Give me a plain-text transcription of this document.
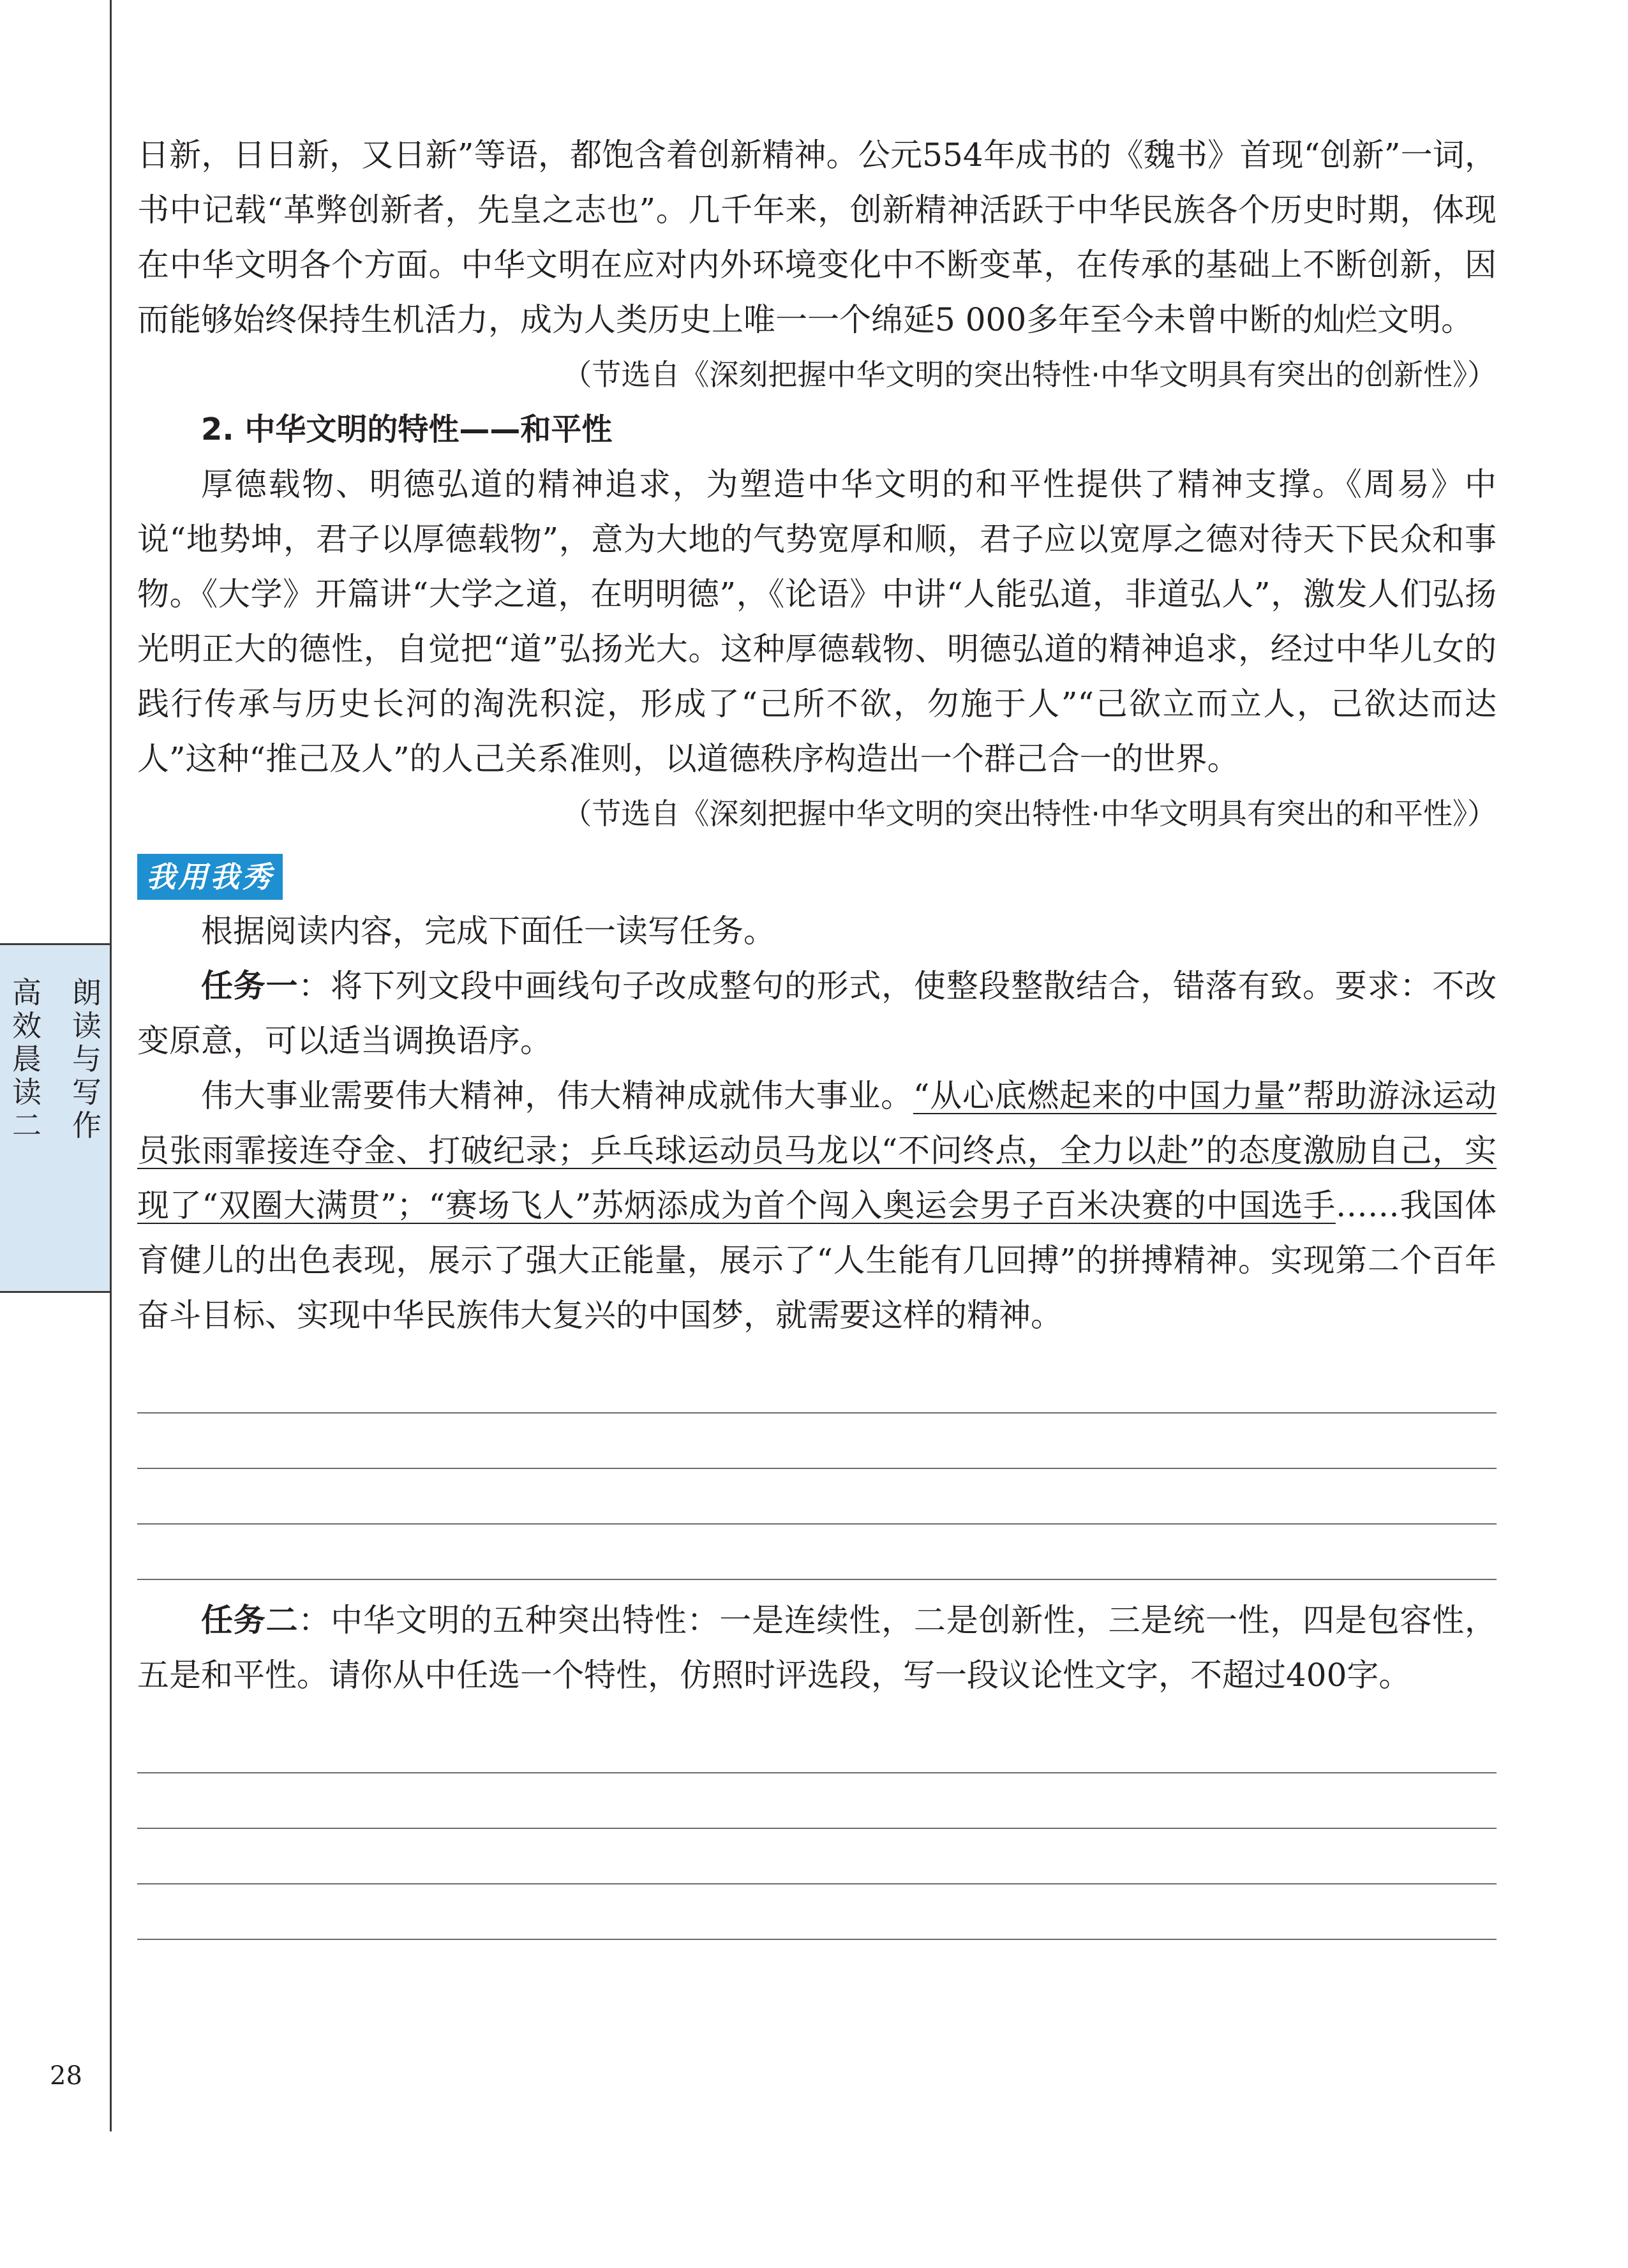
高效晨读二 朗读与写作
28

日新，日日新，又日新”等语，都饱含着创新精神。公元554年成书的《魏书》首现“创新”一词，书中记载“革弊创新者，先皇之志也”。几千年来，创新精神活跃于中华民族各个历史时期，体现在中华文明各个方面。中华文明在应对内外环境变化中不断变革，在传承的基础上不断创新，因而能够始终保持生机活力，成为人类历史上唯一一个绵延5 000多年至今未曾中断的灿烂文明。

（节选自《深刻把握中华文明的突出特性·中华文明具有突出的创新性》）

2. 中华文明的特性——和平性

厚德载物、明德弘道的精神追求，为塑造中华文明的和平性提供了精神支撑。《周易》中说“地势坤，君子以厚德载物”，意为大地的气势宽厚和顺，君子应以宽厚之德对待天下民众和事物。《大学》开篇讲“大学之道，在明明德”，《论语》中讲“人能弘道，非道弘人”，激发人们弘扬光明正大的德性，自觉把“道”弘扬光大。这种厚德载物、明德弘道的精神追求，经过中华儿女的践行传承与历史长河的淘洗积淀，形成了“己所不欲，勿施于人”“己欲立而立人，己欲达而达人”这种“推己及人”的人己关系准则，以道德秩序构造出一个群己合一的世界。

（节选自《深刻把握中华文明的突出特性·中华文明具有突出的和平性》）

我用我秀

根据阅读内容，完成下面任一读写任务。

任务一：将下列文段中画线句子改成整句的形式，使整段整散结合，错落有致。要求：不改变原意，可以适当调换语序。

伟大事业需要伟大精神，伟大精神成就伟大事业。“从心底燃起来的中国力量”帮助游泳运动员张雨霏接连夺金、打破纪录；乒乓球运动员马龙以“不问终点，全力以赴”的态度激励自己，实现了“双圈大满贯”；“赛场飞人”苏炳添成为首个闯入奥运会男子百米决赛的中国选手……我国体育健儿的出色表现，展示了强大正能量，展示了“人生能有几回搏”的拼搏精神。实现第二个百年奋斗目标、实现中华民族伟大复兴的中国梦，就需要这样的精神。

任务二：中华文明的五种突出特性：一是连续性，二是创新性，三是统一性，四是包容性，五是和平性。请你从中任选一个特性，仿照时评选段，写一段议论性文字，不超过400字。
